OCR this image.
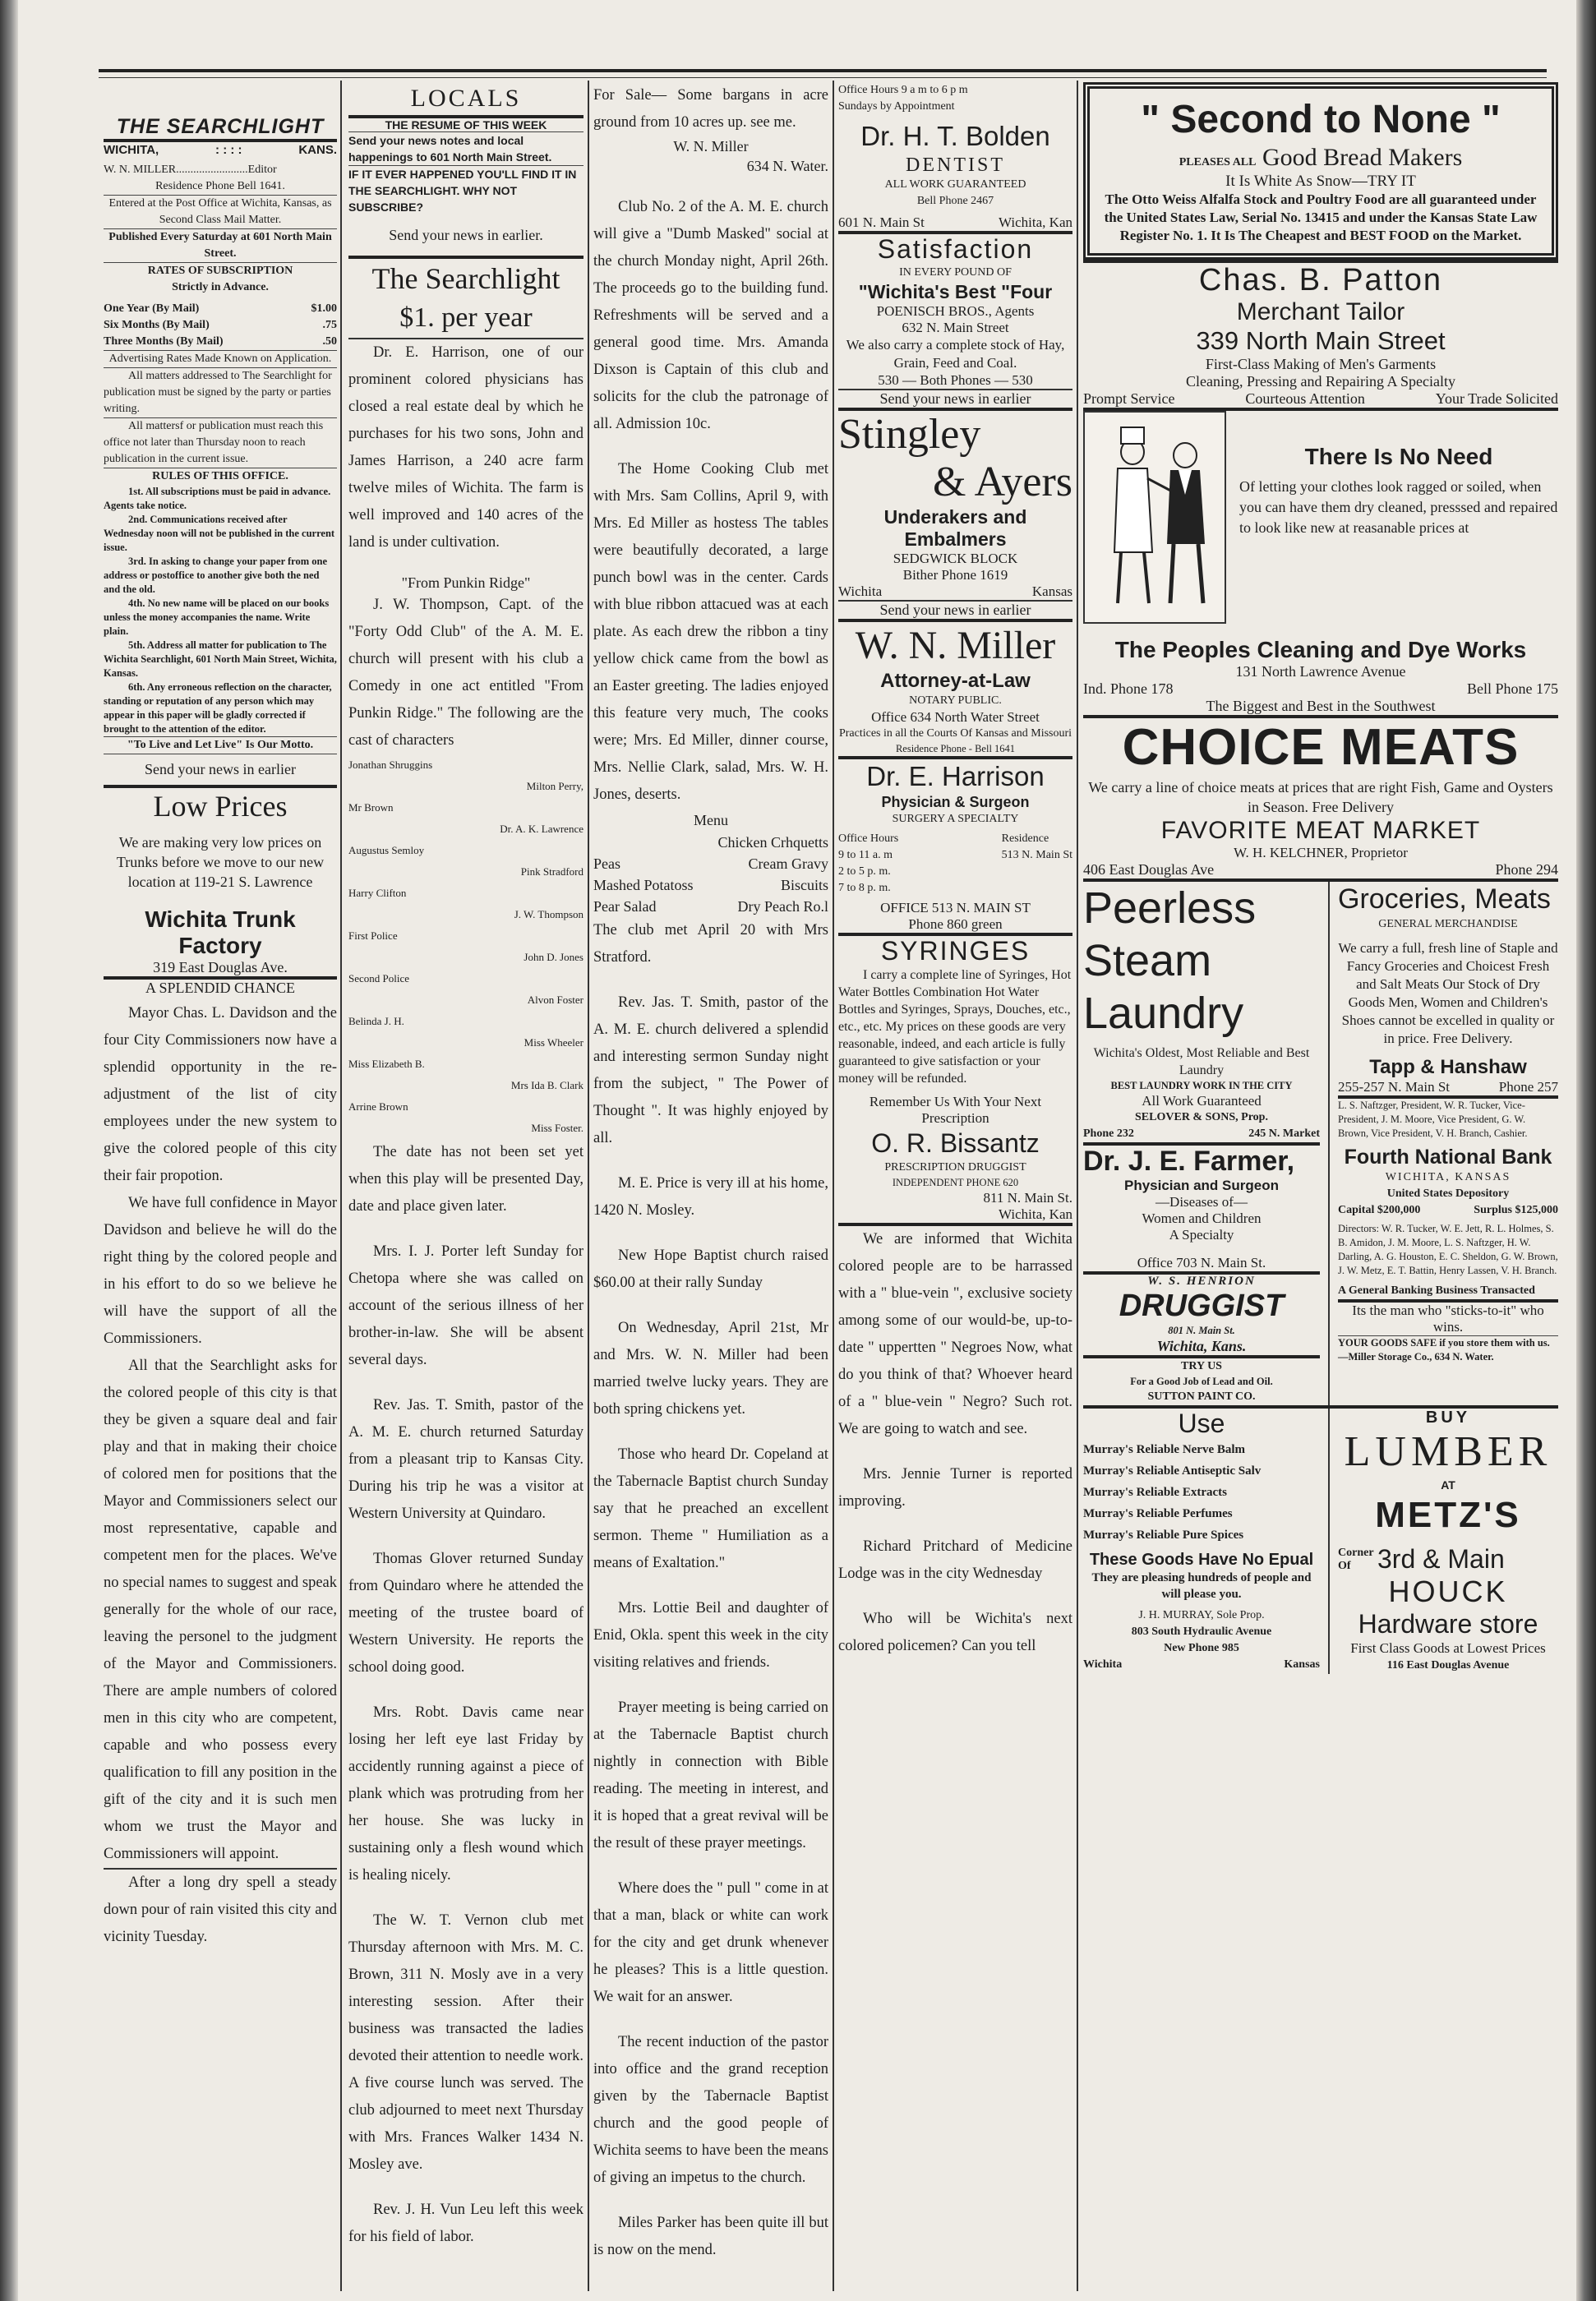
THE SEARCHLIGHT
WICHITA,	: : : :	KANS.
W. N. MILLER.........................Editor
Residence Phone Bell 1641.
Entered at the Post Office at Wichita, Kansas, as Second Class Mail Matter.
Published Every Saturday at 601 North Main Street.
RATES OF SUBSCRIPTION
Strictly in Advance.
One Year (By Mail)	$1.00
Six Months (By Mail)	.75
Three Months (By Mail)	.50
Advertising Rates Made Known on Application.
All matters addressed to The Searchlight for publication must be signed by the party or parties writing.
All mattersf or publication must reach this office not later than Thursday noon to reach publication in the current issue.
RULES OF THIS OFFICE.
1st. All subscriptions must be paid in advance. Agents take notice.
2nd. Communications received after Wednesday noon will not be published in the current issue.
3rd. In asking to change your paper from one address or postoffice to another give both the ned and the old.
4th. No new name will be placed on our books unless the money accompanies the name. Write plain.
5th. Address all matter for publication to The Wichita Searchlight, 601 North Main Street, Wichita, Kansas.
6th. Any erroneous reflection on the character, standing or reputation of any person which may appear in this paper will be gladly corrected if brought to the attention of the editor.
"To Live and Let Live" Is Our Motto.
Send your news in earlier
Low Prices
We are making very low prices on Trunks before we move to our new location at 119-21 S. Lawrence
Wichita Trunk Factory
319 East Douglas Ave.
A SPLENDID CHANCE

Mayor Chas. L. Davidson and the four City Commissioners now have a splendid opportunity in the re-adjustment of the list of city employees under the new system to give the colored people of this city their fair propotion.

We have full confidence in Mayor Davidson and believe he will do the right thing by the colored people and in his effort to do so we believe he will have the support of all the Commissioners.

All that the Searchlight asks for the colored people of this city is that they be given a square deal and fair play and that in making their choice of colored men for positions that the Mayor and Commissioners select our most representative, capable and competent men for the places. We've no special names to suggest and speak generally for the whole of our race, leaving the personel to the judgment of the Mayor and Commissioners. There are ample numbers of colored men in this city who are competent, capable and who possess every qualification to fill any position in the gift of the city and it is such men whom we trust the Mayor and Commissioners will appoint.

After a long dry spell a steady down pour of rain visited this city and vicinity Tuesday.

LOCALS
THE RESUME OF THIS WEEK
Send your news notes and local happenings to 601 North Main Street.
IF IT EVER HAPPENED YOU'LL FIND IT IN THE SEARCHLIGHT. WHY NOT SUBSCRIBE?
Send your news in earlier.
The Searchlight
$1. per year

Dr. E. Harrison, one of our prominent colored physicians has closed a real estate deal by which he purchases for his two sons, John and James Harrison, a 240 acre farm twelve miles of Wichita. The farm is well improved and 140 acres of the land is under cultivation.

"From Punkin Ridge"

J. W. Thompson, Capt. of the "Forty Odd Club" of the A. M. E. church will present with his club a Comedy in one act entitled "From Punkin Ridge." The following are the cast of characters

Jonathan Shruggins
Milton Perry,
Mr Brown
Dr. A. K. Lawrence
Augustus Semloy
Pink Stradford
Harry Clifton
J. W. Thompson
First Police
John D. Jones
Second Police
Alvon Foster
Belinda J. H.
Miss Wheeler
Miss Elizabeth B.
Mrs Ida B. Clark
Arrine Brown
Miss Foster.

The date has not been set yet when this play will be presented Day, date and place given later.

Mrs. I. J. Porter left Sunday for Chetopa where she was called on account of the serious illness of her brother-in-law. She will be absent several days.

Rev. Jas. T. Smith, pastor of the A. M. E. church returned Saturday from a pleasant trip to Kansas City. During his trip he was a visitor at Western University at Quindaro.

Thomas Glover returned Sunday from Quindaro where he attended the meeting of the trustee board of Western University. He reports the school doing good.

Mrs. Robt. Davis came near losing her left eye last Friday by accidently running against a piece of plank which was protruding from her her house. She was lucky in sustaining only a flesh wound which is healing nicely.

The W. T. Vernon club met Thursday afternoon with Mrs. M. C. Brown, 311 N. Mosly ave in a very interesting session. After their business was transacted the ladies devoted their attention to needle work. A five course lunch was served. The club adjourned to meet next Thursday with Mrs. Frances Walker 1434 N. Mosley ave.

Rev. J. H. Vun Leu left this week for his field of labor.

For Sale— Some bargans in acre ground from 10 acres up. see me.

W. N. Miller
634 N. Water.

Club No. 2 of the A. M. E. church will give a "Dumb Masked" social at the church Monday night, April 26th. The proceeds go to the building fund. Refreshments will be served and a general good time. Mrs. Amanda Dixson is Captain of this club and solicits for the club the patronage of all. Admission 10c.

The Home Cooking Club met with Mrs. Sam Collins, April 9, with Mrs. Ed Miller as hostess The tables were beautifully decorated, a large punch bowl was in the center. Cards with blue ribbon attacued was at each plate. As each drew the ribbon a tiny yellow chick came from the bowl as an Easter greeting. The ladies enjoyed this feature very much, The cooks were; Mrs. Ed Miller, dinner course, Mrs. Nellie Clark, salad, Mrs. W. H. Jones, deserts.

Menu
Chicken Crhquetts
Peas	Cream Gravy
Mashed Potatoss	Biscuits
Pear Salad	Dry Peach Ro.l

The club met April 20 with Mrs Stratford.

Rev. Jas. T. Smith, pastor of the A. M. E. church delivered a splendid and interesting sermon Sunday night from the subject, " The Power of Thought ". It was highly enjoyed by all.

M. E. Price is very ill at his home, 1420 N. Mosley.

New Hope Baptist church raised $60.00 at their rally Sunday

On Wednesday, April 21st, Mr and Mrs. W. N. Miller had been married twelve lucky years. They are both spring chickens yet.

Those who heard Dr. Copeland at the Tabernacle Baptist church Sunday say that he preached an excellent sermon. Theme " Humiliation as a means of Exaltation."

Mrs. Lottie Beil and daughter of Enid, Okla. spent this week in the city visiting relatives and friends.

Prayer meeting is being carried on at the Tabernacle Baptist church nightly in connection with Bible reading. The meeting in interest, and it is hoped that a great revival will be the result of these prayer meetings.

Where does the " pull " come in at that a man, black or white can work for the city and get drunk whenever he pleases? This is a little question. We wait for an answer.

The recent induction of the pastor into office and the grand reception given by the Tabernacle Baptist church and the good people of Wichita seems to have been the means of giving an impetus to the church.

Miles Parker has been quite ill but is now on the mend.

Office Hours 9 a m to 6 p m
Sundays by Appointment
Dr. H. T. Bolden
DENTIST
ALL WORK GUARANTEED
Bell Phone 2467
601 N. Main St	Wichita, Kan
Satisfaction
IN EVERY POUND OF
"Wichita's Best "Four
POENISCH BROS., Agents
632 N. Main Street
We also carry a complete stock of Hay, Grain, Feed and Coal.
530 — Both Phones — 530
Send your news in earlier
Stingley
& Ayers
Underakers and Embalmers
SEDGWICK BLOCK
Bither Phone 1619
Wichita	Kansas
Send your news in earlier
W. N. Miller
Attorney-at-Law
NOTARY PUBLIC.
Office 634 North Water Street
Practices in all the Courts Of Kansas and Missouri
Residence Phone - Bell 1641
Dr. E. Harrison
Physician & Surgeon
SURGERY A SPECIALTY
Office Hours
9 to 11 a. m
2 to 5 p. m.
7 to 8 p. m.
Residence
513 N. Main St
OFFICE 513 N. MAIN ST
Phone 860 green
SYRINGES
I carry a complete line of Syringes, Hot Water Bottles Combination Hot Water Bottles and Syringes, Sprays, Douches, etc., etc., etc. My prices on these goods are very reasonable, indeed, and each article is fully guaranteed to give satisfaction or your money will be refunded.
Remember Us With Your Next Prescription
O. R. Bissantz
PRESCRIPTION DRUGGIST
INDEPENDENT PHONE 620
811 N. Main St.
Wichita, Kan

We are informed that Wichita colored people are to be harrassed with a " blue-vein ", exclusive society among some of our would-be, up-to-date " uppertten " Negroes Now, what do you think of that? Whoever heard of a " blue-vein " Negro? Such rot. We are going to watch and see.

Mrs. Jennie Turner is reported improving.

Richard Pritchard of Medicine Lodge was in the city Wednesday

Who will be Wichita's next colored policemen? Can you tell

" Second to None "
PLEASES ALL Good Bread Makers
It Is White As Snow—TRY IT
The Otto Weiss Alfalfa Stock and Poultry Food are all guaranteed under the United States Law, Serial No. 13415 and under the Kansas State Law Register No. 1. It Is The Cheapest and BEST FOOD on the Market.
Chas. B. Patton
Merchant Tailor
339 North Main Street
First-Class Making of Men's Garments
Cleaning, Pressing and Repairing A Specialty
Prompt Service	Courteous Attention	Your Trade Solicited
There Is No Need
Of letting your clothes look ragged or soiled, when you can have them dry cleaned, presssed and repaired to look like new at reasanable prices at
The Peoples Cleaning and Dye Works
131 North Lawrence Avenue
Ind. Phone 178	Bell Phone 175
The Biggest and Best in the Southwest
CHOICE MEATS
We carry a line of choice meats at prices that are right Fish, Game and Oysters in Season. Free Delivery
FAVORITE MEAT MARKET
W. H. KELCHNER, Proprietor
406 East Douglas Ave	Phone 294
Peerless
Steam
Laundry
Wichita's Oldest, Most Reliable and Best Laundry
BEST LAUNDRY WORK IN THE CITY
All Work Guaranteed
SELOVER & SONS, Prop.
Phone 232	245 N. Market
Dr. J. E. Farmer,
Physician and Surgeon
—Diseases of—
Women and Children
A Specialty
Office 703 N. Main St.
W. S. HENRION
DRUGGIST
801 N. Main St.
Wichita, Kans.
TRY US
For a Good Job of Lead and Oil.
SUTTON PAINT CO.
Groceries, Meats
GENERAL MERCHANDISE
We carry a full, fresh line of Staple and Fancy Groceries and Choicest Fresh and Salt Meats Our Stock of Dry Goods Men, Women and Children's Shoes cannot be excelled in quality or in price. Free Delivery.
Tapp & Hanshaw
255-257 N. Main St	Phone 257
L. S. Naftzger, President, W. R. Tucker, Vice-President, J. M. Moore, Vice President, G. W. Brown, Vice President, V. H. Branch, Cashier.
Fourth National Bank
WICHITA, KANSAS
United States Depository
Capital $200,000	Surplus $125,000
Directors: W. R. Tucker, W. E. Jett, R. L. Holmes, S. B. Amidon, J. M. Moore, L. S. Naftzger, H. W. Darling, A. G. Houston, E. C. Sheldon, G. W. Brown, J. W. Metz, E. T. Battin, Henry Lassen, V. H. Branch.
A General Banking Business Transacted
Its the man who "sticks-to-it" who wins.
YOUR GOODS SAFE if you store them with us.—Miller Storage Co., 634 N. Water.
Use
Murray's Reliable Nerve Balm
Murray's Reliable Antiseptic Salv
Murray's Reliable Extracts
Murray's Reliable Perfumes
Murray's Reliable Pure Spices
These Goods Have No Epual
They are pleasing hundreds of people and will please you.
J. H. MURRAY, Sole Prop.
803 South Hydraulic Avenue
New Phone 985
Wichita	Kansas
BUY
LUMBER
AT
METZ'S
Corner Of	3rd & Main
HOUCK
Hardware store
First Class Goods at Lowest Prices
116 East Douglas Avenue
